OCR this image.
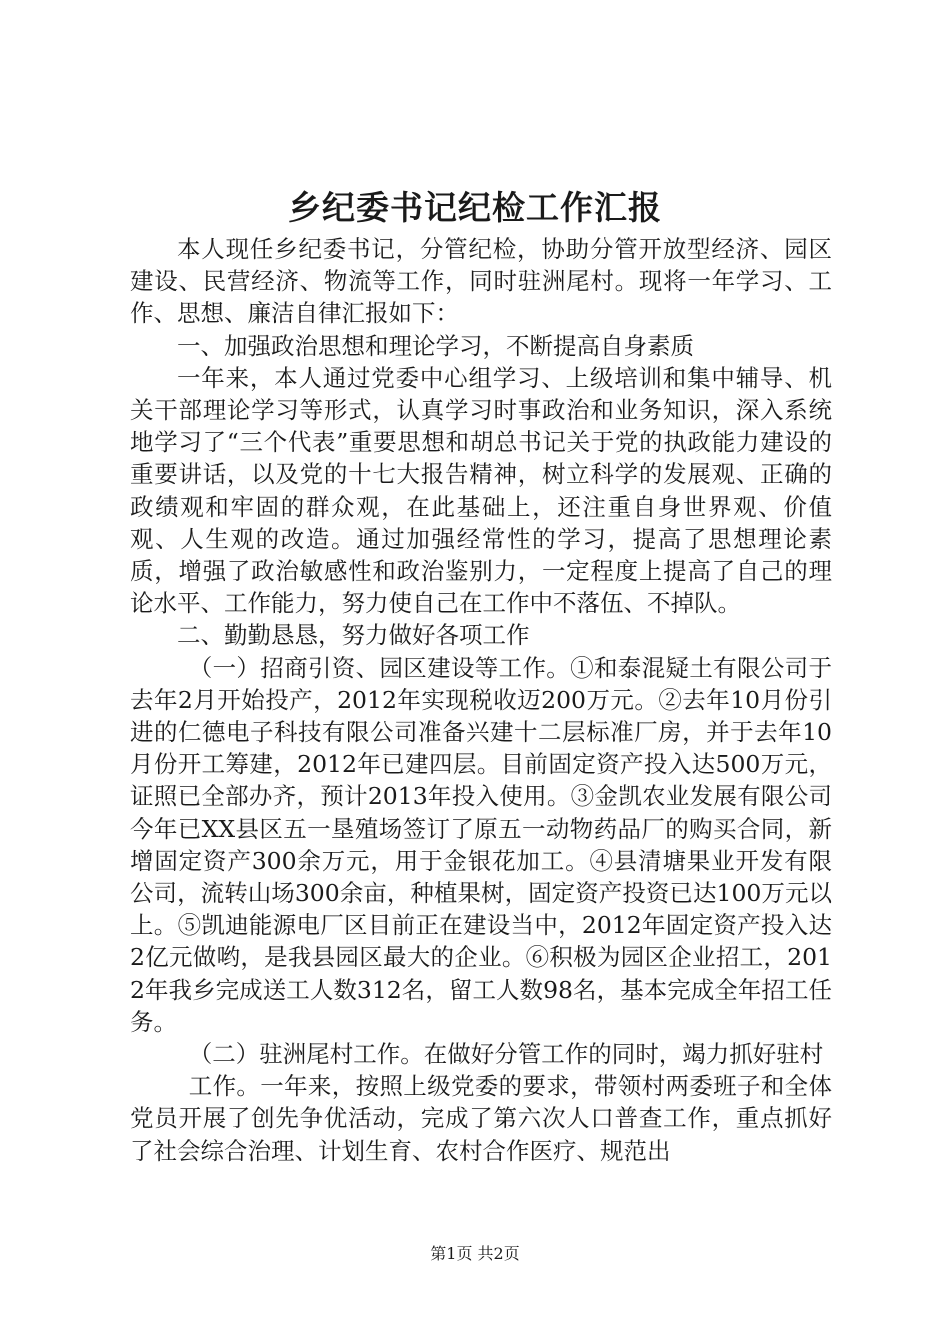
乡纪委书记纪检工作汇报

本人现任乡纪委书记，分管纪检，协助分管开放型经济、园区建设、民营经济、物流等工作，同时驻洲尾村。现将一年学习、工作、思想、廉洁自律汇报如下：

一、加强政治思想和理论学习，不断提高自身素质

一年来，本人通过党委中心组学习、上级培训和集中辅导、机关干部理论学习等形式，认真学习时事政治和业务知识，深入系统地学习了“三个代表”重要思想和胡总书记关于党的执政能力建设的重要讲话，以及党的十七大报告精神，树立科学的发展观、正确的政绩观和牢固的群众观，在此基础上，还注重自身世界观、价值观、人生观的改造。通过加强经常性的学习，提高了思想理论素质，增强了政治敏感性和政治鉴别力，一定程度上提高了自己的理论水平、工作能力，努力使自己在工作中不落伍、不掉队。

二、勤勤恳恳，努力做好各项工作

（一）招商引资、园区建设等工作。①和泰混疑土有限公司于去年2月开始投产，2012年实现税收迈200万元。②去年10月份引进的仁德电子科技有限公司准备兴建十二层标准厂房，并于去年10月份开工筹建，2012年已建四层。目前固定资产投入达500万元，证照已全部办齐，预计2013年投入使用。③金凯农业发展有限公司今年已XX县区五一垦殖场签订了原五一动物药品厂的购买合同，新增固定资产300余万元，用于金银花加工。④县清塘果业开发有限公司，流转山场300余亩，种植果树，固定资产投资已达100万元以上。⑤凯迪能源电厂区目前正在建设当中，2012年固定资产投入达2亿元做哟，是我县园区最大的企业。⑥积极为园区企业招工，2012年我乡完成送工人数312名，留工人数98名，基本完成全年招工任务。

（二）驻洲尾村工作。在做好分管工作的同时，竭力抓好驻村

工作。一年来，按照上级党委的要求，带领村两委班子和全体党员开展了创先争优活动，完成了第六次人口普查工作，重点抓好了社会综合治理、计划生育、农村合作医疗、规范出

第1页 共2页
